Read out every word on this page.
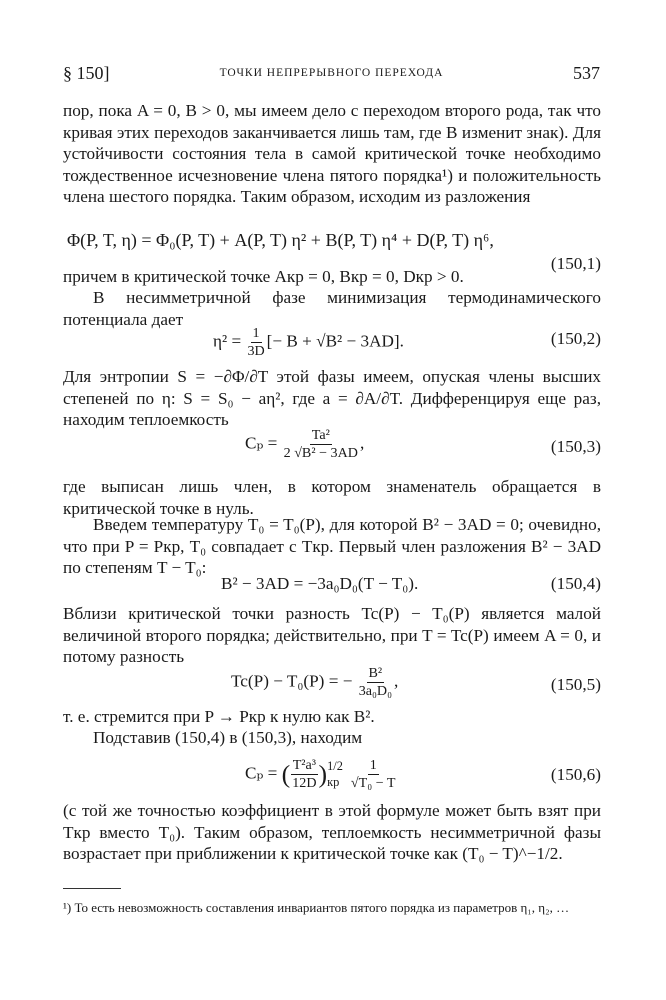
§ 150]	ТОЧКИ НЕПРЕРЫВНОГО ПЕРЕХОДА	537
пор, пока A = 0, B > 0, мы имеем дело с переходом второго рода, так что кривая этих переходов заканчивается лишь там, где B изменит знак). Для устойчивости состояния тела в самой критической точке необходимо тождественное исчезновение члена пятого порядка¹) и положительность члена шестого порядка. Таким образом, исходим из разложения
Φ(P, T, η) = Φ₀(P, T) + A(P, T) η² + B(P, T) η⁴ + D(P, T) η⁶,
(150,1)
причем в критической точке Aкр = 0, Bкр = 0, Dкр > 0.
В несимметричной фазе минимизация термодинамического потенциала дает
$\eta^2 = \frac{1}{3D}$ [− B + √B² − 3AD].	(150,2)
Для энтропии S = −∂Φ/∂T этой фазы имеем, опуская члены высших степеней по η: S = S₀ − aη², где a = ∂A/∂T. Дифференцируя еще раз, находим теплоемкость
$C_p = \frac{\text{Ta²}}{\text{2 √B² − 3AD}}$ ,	(150,3)
где выписан лишь член, в котором знаменатель обращается в критической точке в нуль.
Введем температуру T₀ = T₀(P), для которой B² − 3AD = 0; очевидно, что при P = Pкр, T₀ совпадает с Tкр. Первый член разложения B² − 3AD по степеням T − T₀:
B² − 3AD = −3a₀D₀(T − T₀).	(150,4)
Вблизи критической точки разность Tc(P) − T₀(P) является малой величиной второго порядка; действительно, при T = Tc(P) имеем A = 0, и потому разность
Tc(P) − T₀(P) = − $\frac{\text{B²}}{\text{3a₀D₀}}$ ,	(150,5)
т. е. стремится при P → Pкр к нулю как B².
Подставив (150,4) в (150,3), находим
Cₚ = ( $\frac{\text{T²a³}}{12D}$ ) 1/2
кр $\frac{1}{\text{√T₀ − T}}$	(150,6)
(с той же точностью коэффициент в этой формуле может быть взят при Tкр вместо T₀). Таким образом, теплоемкость несимметричной фазы возрастает при приближении к критической точке как (T₀ − T)^−1/2.
¹) То есть невозможность составления инвариантов пятого порядка из параметров η₁, η₂, …
